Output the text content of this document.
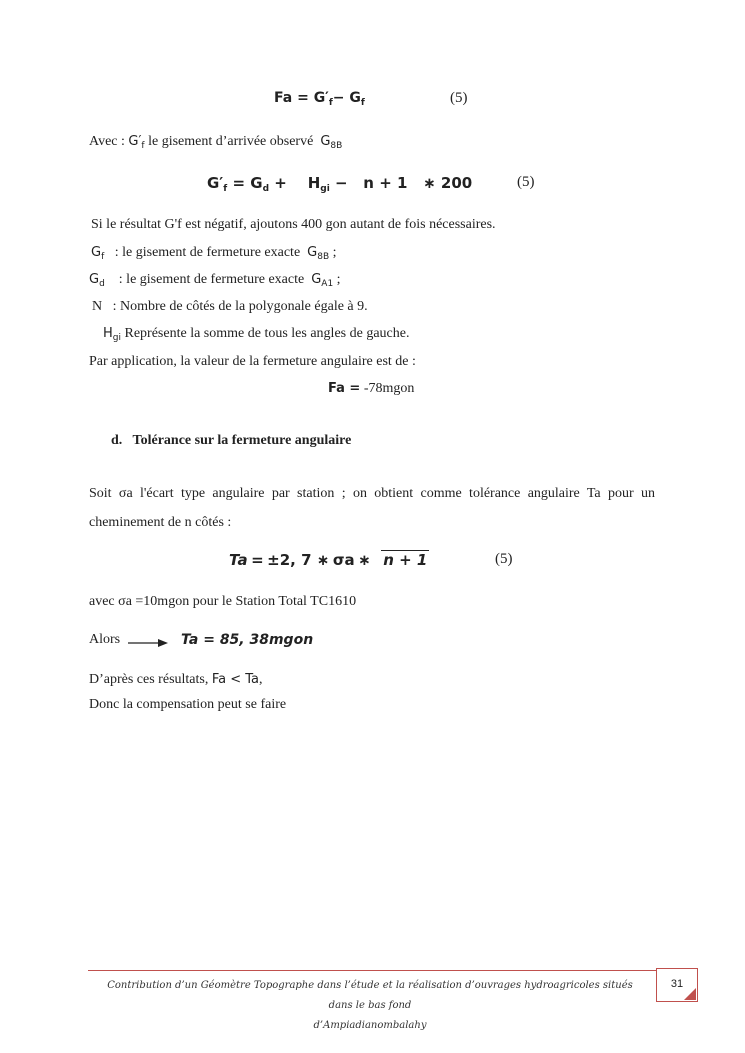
$Fa = G'_f- G_f$	(5)
Avec : $G'_f$ le gisement d’arrivée observé $G_{8B}$
$G'_f = G_d + H_{gi} - n + 1$ ∗ 200	(5)
Si le résultat G'f est négatif, ajoutons 400 gon autant de fois nécessaires.
$G_f$ : le gisement de fermeture exacte $G_{8B}$ ;
$G_d$ : le gisement de fermeture exacte $G_{A1}$ ;
N : Nombre de côtés de la polygonale égale à 9.
$H_{gi}$ Représente la somme de tous les angles de gauche.
Par application, la valeur de la fermeture angulaire est de :
Fa = -78mgon
d. Tolérance sur la fermeture angulaire
Soit σa l'écart type angulaire par station ; on obtient comme tolérance angulaire Ta pour un cheminement de n côtés :
Ta = ±2, 7 ∗ σa ∗ n + 1	(5)
avec σa =10mgon pour le Station Total TC1610
Alors	Ta = 85, 38mgon
D’après ces résultats, Fa < Ta,
Donc la compensation peut se faire
Contribution d’un Géomètre Topographe dans l’étude et la réalisation d’ouvrages hydroagricoles situés dans le bas fond
d’Ampiadianombalahy
31
